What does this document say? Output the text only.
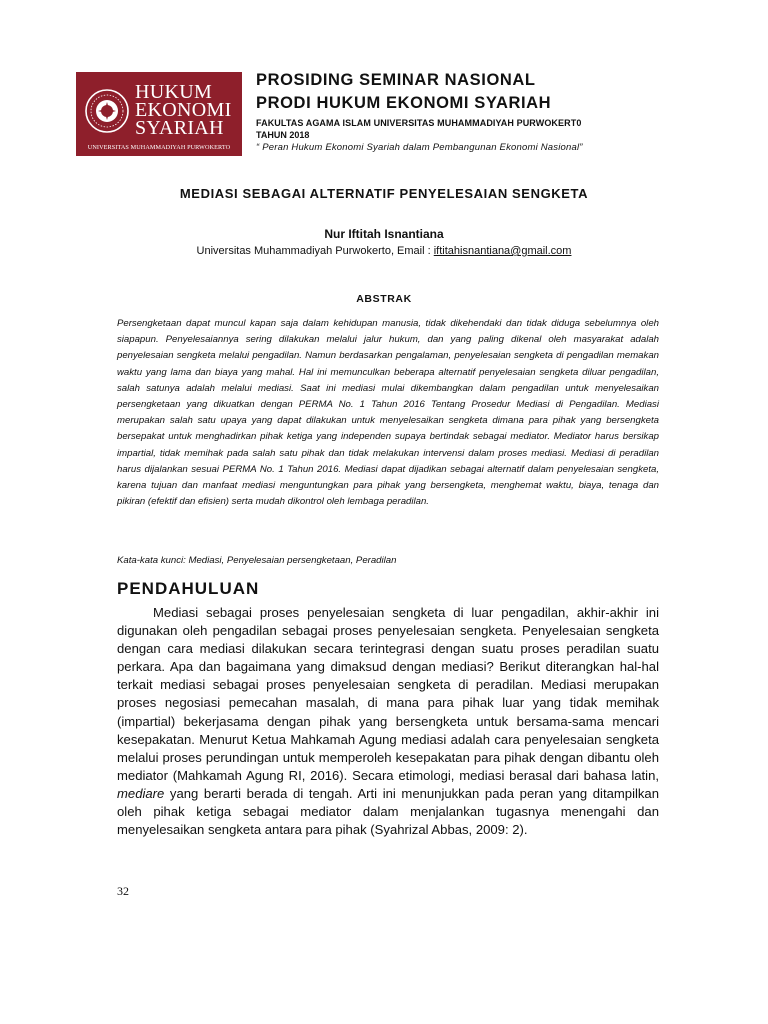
HUKUM
EKONOMI
SYARIAH
UNIVERSITAS MUHAMMADIYAH PURWOKERTO
PROSIDING SEMINAR NASIONAL
PRODI HUKUM EKONOMI SYARIAH
FAKULTAS AGAMA ISLAM UNIVERSITAS MUHAMMADIYAH PURWOKERT0
TAHUN 2018
“ Peran Hukum Ekonomi Syariah dalam Pembangunan Ekonomi Nasional”
MEDIASI SEBAGAI ALTERNATIF PENYELESAIAN SENGKETA
Nur Iftitah Isnantiana
Universitas Muhammadiyah Purwokerto, Email : iftitahisnantiana@gmail.com
ABSTRAK
Persengketaan dapat muncul kapan saja dalam kehidupan manusia, tidak dikehendaki dan tidak diduga sebelumnya oleh siapapun. Penyelesaiannya sering dilakukan melalui jalur hukum, dan yang paling dikenal oleh masyarakat adalah penyelesaian sengketa melalui pengadilan. Namun berdasarkan pengalaman, penyelesaian sengketa di pengadilan memakan waktu yang lama dan biaya yang mahal. Hal ini memunculkan beberapa alternatif penyelesaian sengketa diluar pengadilan, salah satunya adalah melalui mediasi. Saat ini mediasi mulai dikembangkan dalam pengadilan untuk menyelesaikan persengketaan yang dikuatkan dengan PERMA No. 1 Tahun 2016 Tentang Prosedur Mediasi di Pengadilan. Mediasi merupakan salah satu upaya yang dapat dilakukan untuk menyelesaikan sengketa dimana para pihak yang bersengketa bersepakat untuk menghadirkan pihak ketiga yang independen supaya bertindak sebagai mediator. Mediator harus bersikap impartial, tidak memihak pada salah satu pihak dan tidak melakukan intervensi dalam proses mediasi. Mediasi di peradilan harus dijalankan sesuai PERMA No. 1 Tahun 2016. Mediasi dapat dijadikan sebagai alternatif dalam penyelesaian sengketa, karena tujuan dan manfaat mediasi menguntungkan para pihak yang bersengketa, menghemat waktu, biaya, tenaga dan pikiran (efektif dan efisien) serta mudah dikontrol oleh lembaga peradilan.
Kata-kata kunci: Mediasi, Penyelesaian persengketaan, Peradilan
PENDAHULUAN
Mediasi sebagai proses penyelesaian sengketa di luar pengadilan, akhir-akhir ini digunakan oleh pengadilan sebagai proses penyelesaian sengketa. Penyelesaian sengketa dengan cara mediasi dilakukan secara terintegrasi dengan suatu proses peradilan suatu perkara. Apa dan bagaimana yang dimaksud dengan mediasi? Berikut diterangkan hal-hal terkait mediasi sebagai proses penyelesaian sengketa di peradilan. Mediasi merupakan proses negosiasi pemecahan masalah, di mana para pihak luar yang tidak memihak (impartial) bekerjasama dengan pihak yang bersengketa untuk bersama-sama mencari kesepakatan. Menurut Ketua Mahkamah Agung mediasi adalah cara penyelesaian sengketa melalui proses perundingan untuk memperoleh kesepakatan para pihak dengan dibantu oleh mediator (Mahkamah Agung RI, 2016). Secara etimologi, mediasi berasal dari bahasa latin, mediare yang berarti berada di tengah. Arti ini menunjukkan pada peran yang ditampilkan oleh pihak ketiga sebagai mediator dalam menjalankan tugasnya menengahi dan menyelesaikan sengketa antara para pihak (Syahrizal Abbas, 2009: 2).
32
